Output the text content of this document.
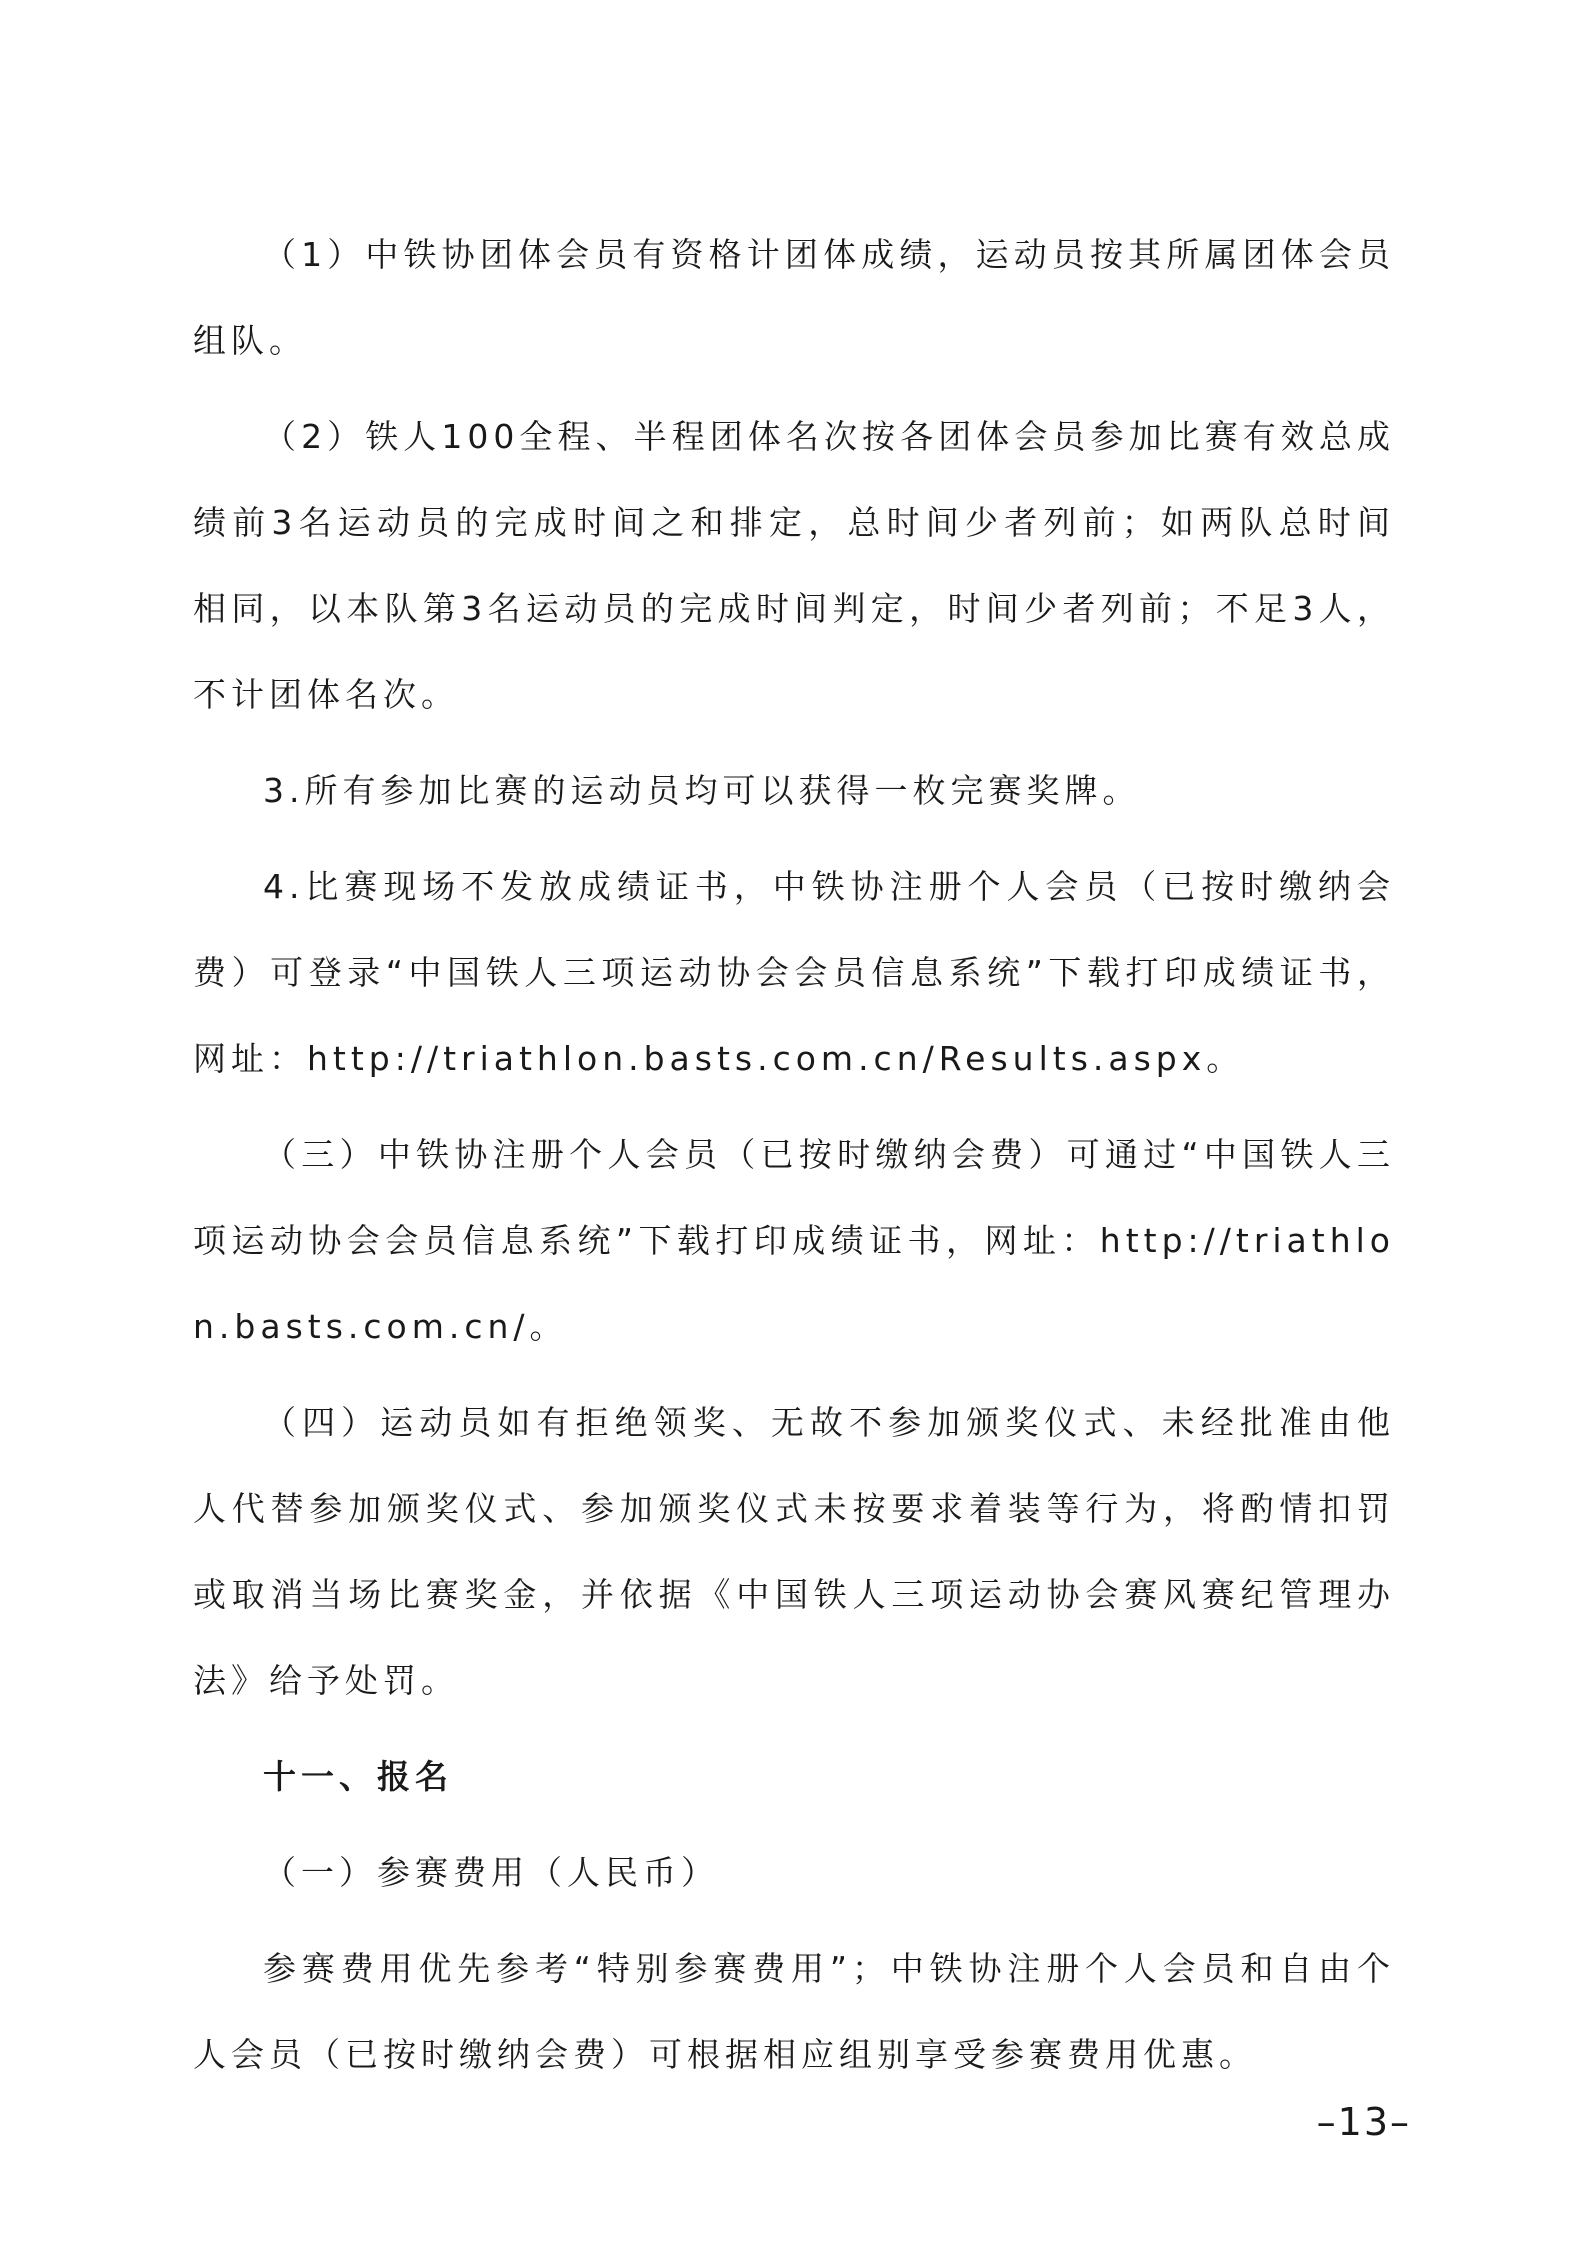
（1）中铁协团体会员有资格计团体成绩，运动员按其所属团体会员组队。

（2）铁人100全程、半程团体名次按各团体会员参加比赛有效总成绩前3名运动员的完成时间之和排定，总时间少者列前；如两队总时间相同，以本队第3名运动员的完成时间判定，时间少者列前；不足3人，不计团体名次。

3.所有参加比赛的运动员均可以获得一枚完赛奖牌。

4.比赛现场不发放成绩证书，中铁协注册个人会员（已按时缴纳会费）可登录“中国铁人三项运动协会会员信息系统”下载打印成绩证书，网址：http://triathlon.basts.com.cn/Results.aspx。

（三）中铁协注册个人会员（已按时缴纳会费）可通过“中国铁人三项运动协会会员信息系统”下载打印成绩证书，网址：http://triathlon.basts.com.cn/。

（四）运动员如有拒绝领奖、无故不参加颁奖仪式、未经批准由他人代替参加颁奖仪式、参加颁奖仪式未按要求着装等行为，将酌情扣罚或取消当场比赛奖金，并依据《中国铁人三项运动协会赛风赛纪管理办法》给予处罚。

十一、报名

（一）参赛费用（人民币）

参赛费用优先参考“特别参赛费用”；中铁协注册个人会员和自由个人会员（已按时缴纳会费）可根据相应组别享受参赛费用优惠。

–13–
